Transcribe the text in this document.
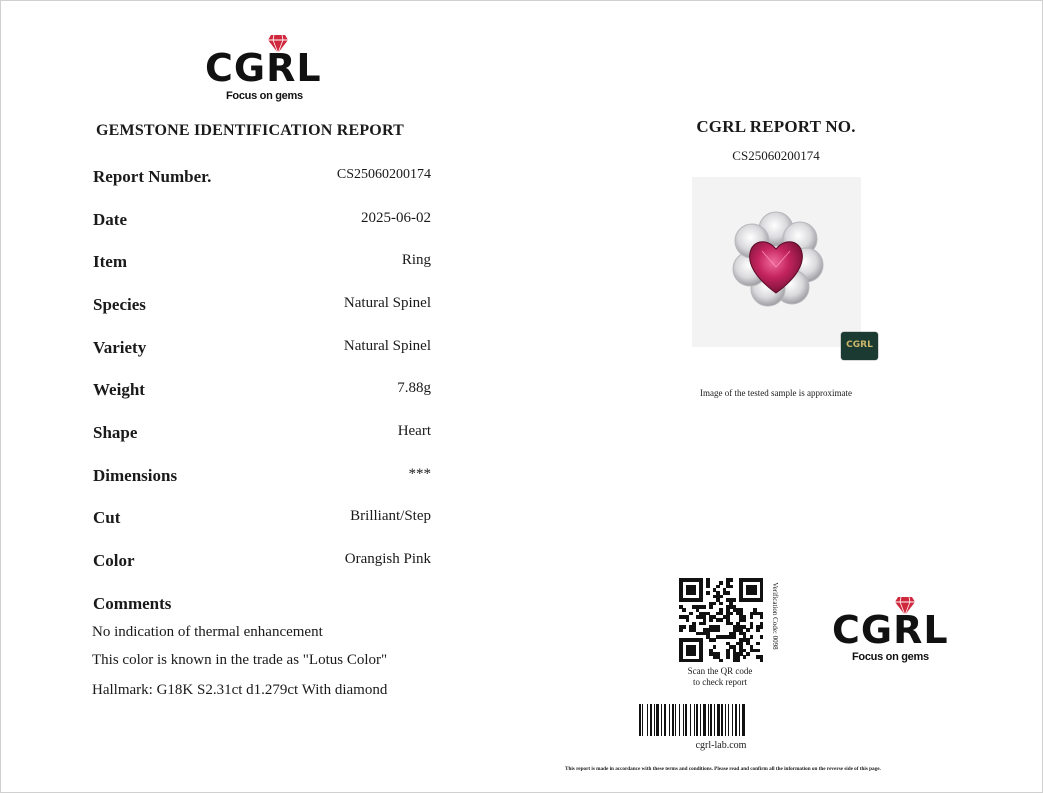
CGRL
Focus on gems
GEMSTONE IDENTIFICATION REPORT
Report Number.	CS25060200174
Date	2025-06-02
Item	Ring
Species	Natural Spinel
Variety	Natural Spinel
Weight	7.88g
Shape	Heart
Dimensions	***
Cut	Brilliant/Step
Color	Orangish Pink
Comments
No indication of thermal enhancement
This color is known in the trade as "Lotus Color"
Hallmark: G18K S2.31ct d1.279ct With diamond
CGRL REPORT NO.
CS25060200174
CGRL
Image of the tested sample is approximate
Verification Code: 0098
Scan the QR code
to check report
CGRL
Focus on gems
cgrl-lab.com
This report is made in accordance with these terms and conditions. Please read and confirm all the information on the reverse side of this page.
